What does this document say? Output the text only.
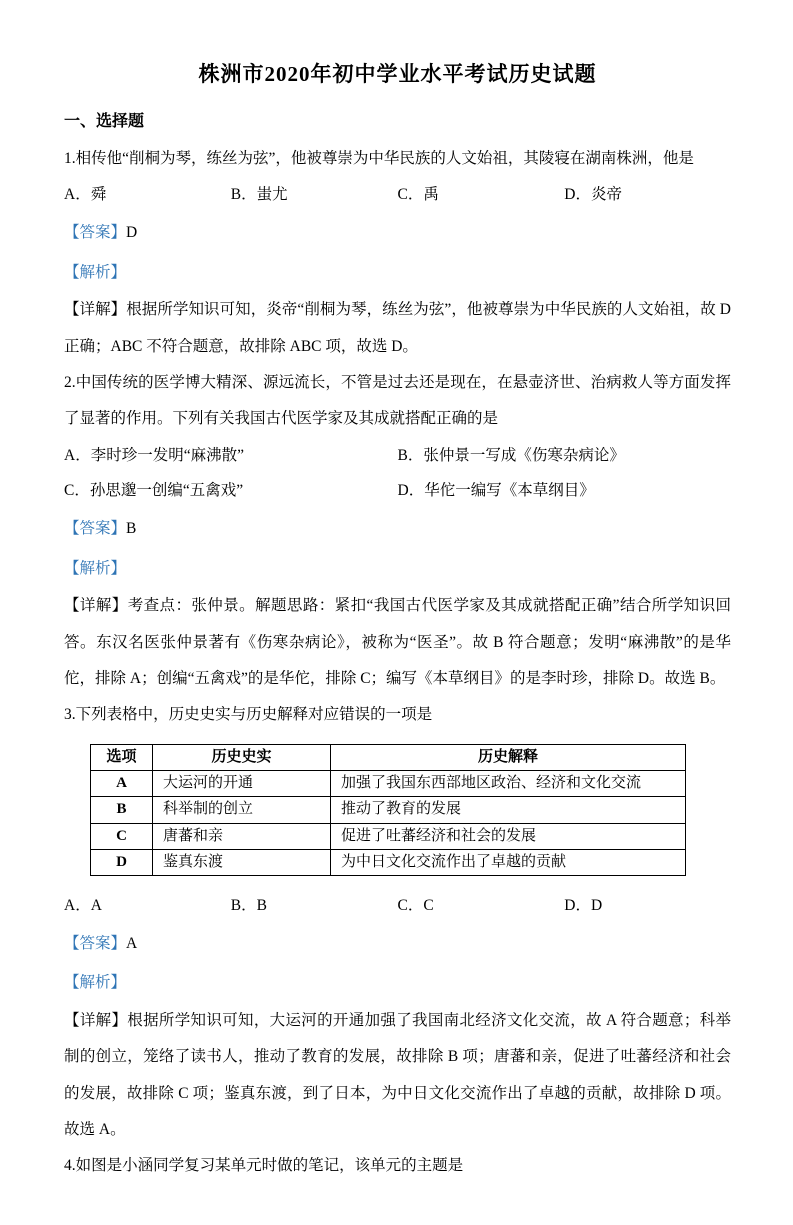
株洲市2020年初中学业水平考试历史试题
一、选择题

1.相传他“削桐为琴，练丝为弦”，他被尊崇为中华民族的人文始祖，其陵寝在湖南株洲，他是

A．舜	B．蚩尤	C．禹	D．炎帝

【答案】D

【解析】

【详解】根据所学知识可知，炎帝“削桐为琴，练丝为弦”，他被尊崇为中华民族的人文始祖，故 D 正确；ABC 不符合题意，故排除 ABC 项，故选 D。

2.中国传统的医学博大精深、源远流长，不管是过去还是现在，在悬壶济世、治病救人等方面发挥了显著的作用。下列有关我国古代医学家及其成就搭配正确的是

A．李时珍一发明“麻沸散”	B．张仲景一写成《伤寒杂病论》
C．孙思邈一创编“五禽戏”	D．华佗一编写《本草纲目》

【答案】B

【解析】

【详解】考查点：张仲景。解题思路：紧扣“我国古代医学家及其成就搭配正确”结合所学知识回答。东汉名医张仲景著有《伤寒杂病论》，被称为“医圣”。故 B 符合题意；发明“麻沸散”的是华佗，排除 A；创编“五禽戏”的是华佗，排除 C；编写《本草纲目》的是李时珍，排除 D。故选 B。

3.下列表格中，历史史实与历史解释对应错误的一项是

选项	历史史实	历史解释
A	大运河的开通	加强了我国东西部地区政治、经济和文化交流
B	科举制的创立	推动了教育的发展
C	唐蕃和亲	促进了吐蕃经济和社会的发展
D	鉴真东渡	为中日文化交流作出了卓越的贡献
A．A	B．B	C．C	D．D

【答案】A

【解析】

【详解】根据所学知识可知，大运河的开通加强了我国南北经济文化交流，故 A 符合题意；科举制的创立，笼络了读书人，推动了教育的发展，故排除 B 项；唐蕃和亲，促进了吐蕃经济和社会的发展，故排除 C 项；鉴真东渡，到了日本，为中日文化交流作出了卓越的贡献，故排除 D 项。故选 A。

4.如图是小涵同学复习某单元时做的笔记，该单元的主题是
